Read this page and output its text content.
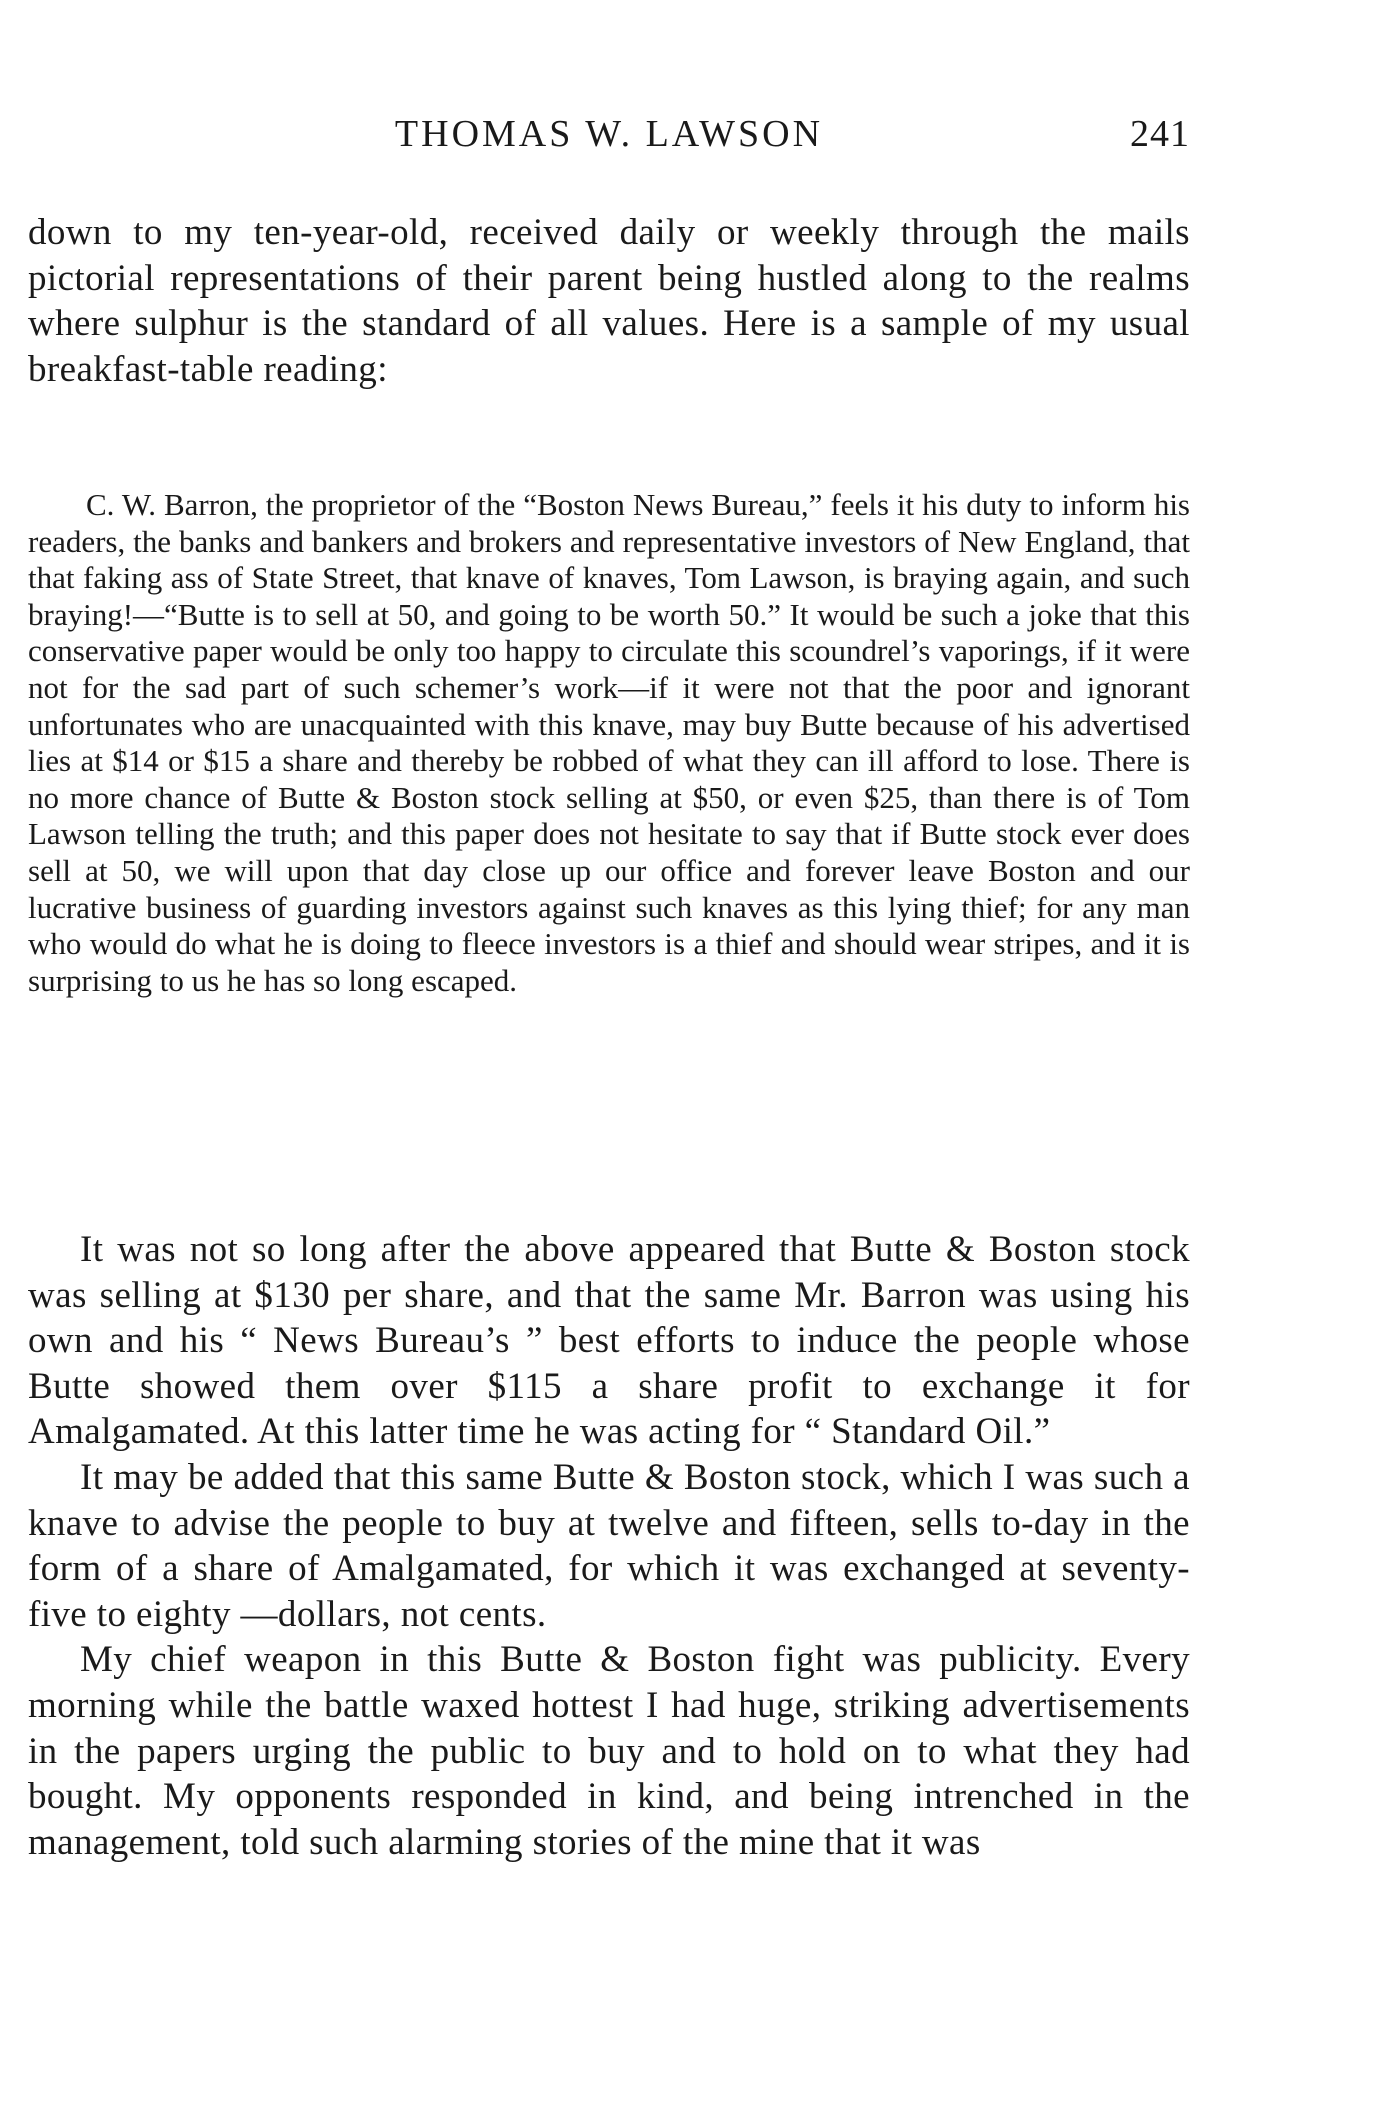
THOMAS W. LAWSON	241

down to my ten-year-old, received daily or weekly through the mails pictorial representations of their parent being hustled along to the realms where sulphur is the standard of all values. Here is a sample of my usual breakfast-table reading:

C. W. Barron, the proprietor of the “Boston News Bureau,” feels it his duty to inform his readers, the banks and bankers and brokers and representative investors of New England, that that faking ass of State Street, that knave of knaves, Tom Lawson, is braying again, and such braying!—“Butte is to sell at 50, and going to be worth 50.” It would be such a joke that this conservative paper would be only too happy to circulate this scoundrel’s vaporings, if it were not for the sad part of such schemer’s work—if it were not that the poor and ignorant unfortunates who are unacquainted with this knave, may buy Butte because of his advertised lies at $14 or $15 a share and thereby be robbed of what they can ill afford to lose. There is no more chance of Butte & Boston stock selling at $50, or even $25, than there is of Tom Lawson telling the truth; and this paper does not hesitate to say that if Butte stock ever does sell at 50, we will upon that day close up our office and forever leave Boston and our lucrative business of guarding investors against such knaves as this lying thief; for any man who would do what he is doing to fleece investors is a thief and should wear stripes, and it is surprising to us he has so long escaped.

It was not so long after the above appeared that Butte & Boston stock was selling at $130 per share, and that the same Mr. Barron was using his own and his “ News Bureau’s ” best efforts to induce the people whose Butte showed them over $115 a share profit to exchange it for Amalgamated. At this latter time he was acting for “ Standard Oil.”

It may be added that this same Butte & Boston stock, which I was such a knave to advise the people to buy at twelve and fifteen, sells to-day in the form of a share of Amalgamated, for which it was exchanged at seventy-five to eighty —dollars, not cents.

My chief weapon in this Butte & Boston fight was publicity. Every morning while the battle waxed hottest I had huge, striking advertisements in the papers urging the public to buy and to hold on to what they had bought. My opponents responded in kind, and being intrenched in the management, told such alarming stories of the mine that it was
